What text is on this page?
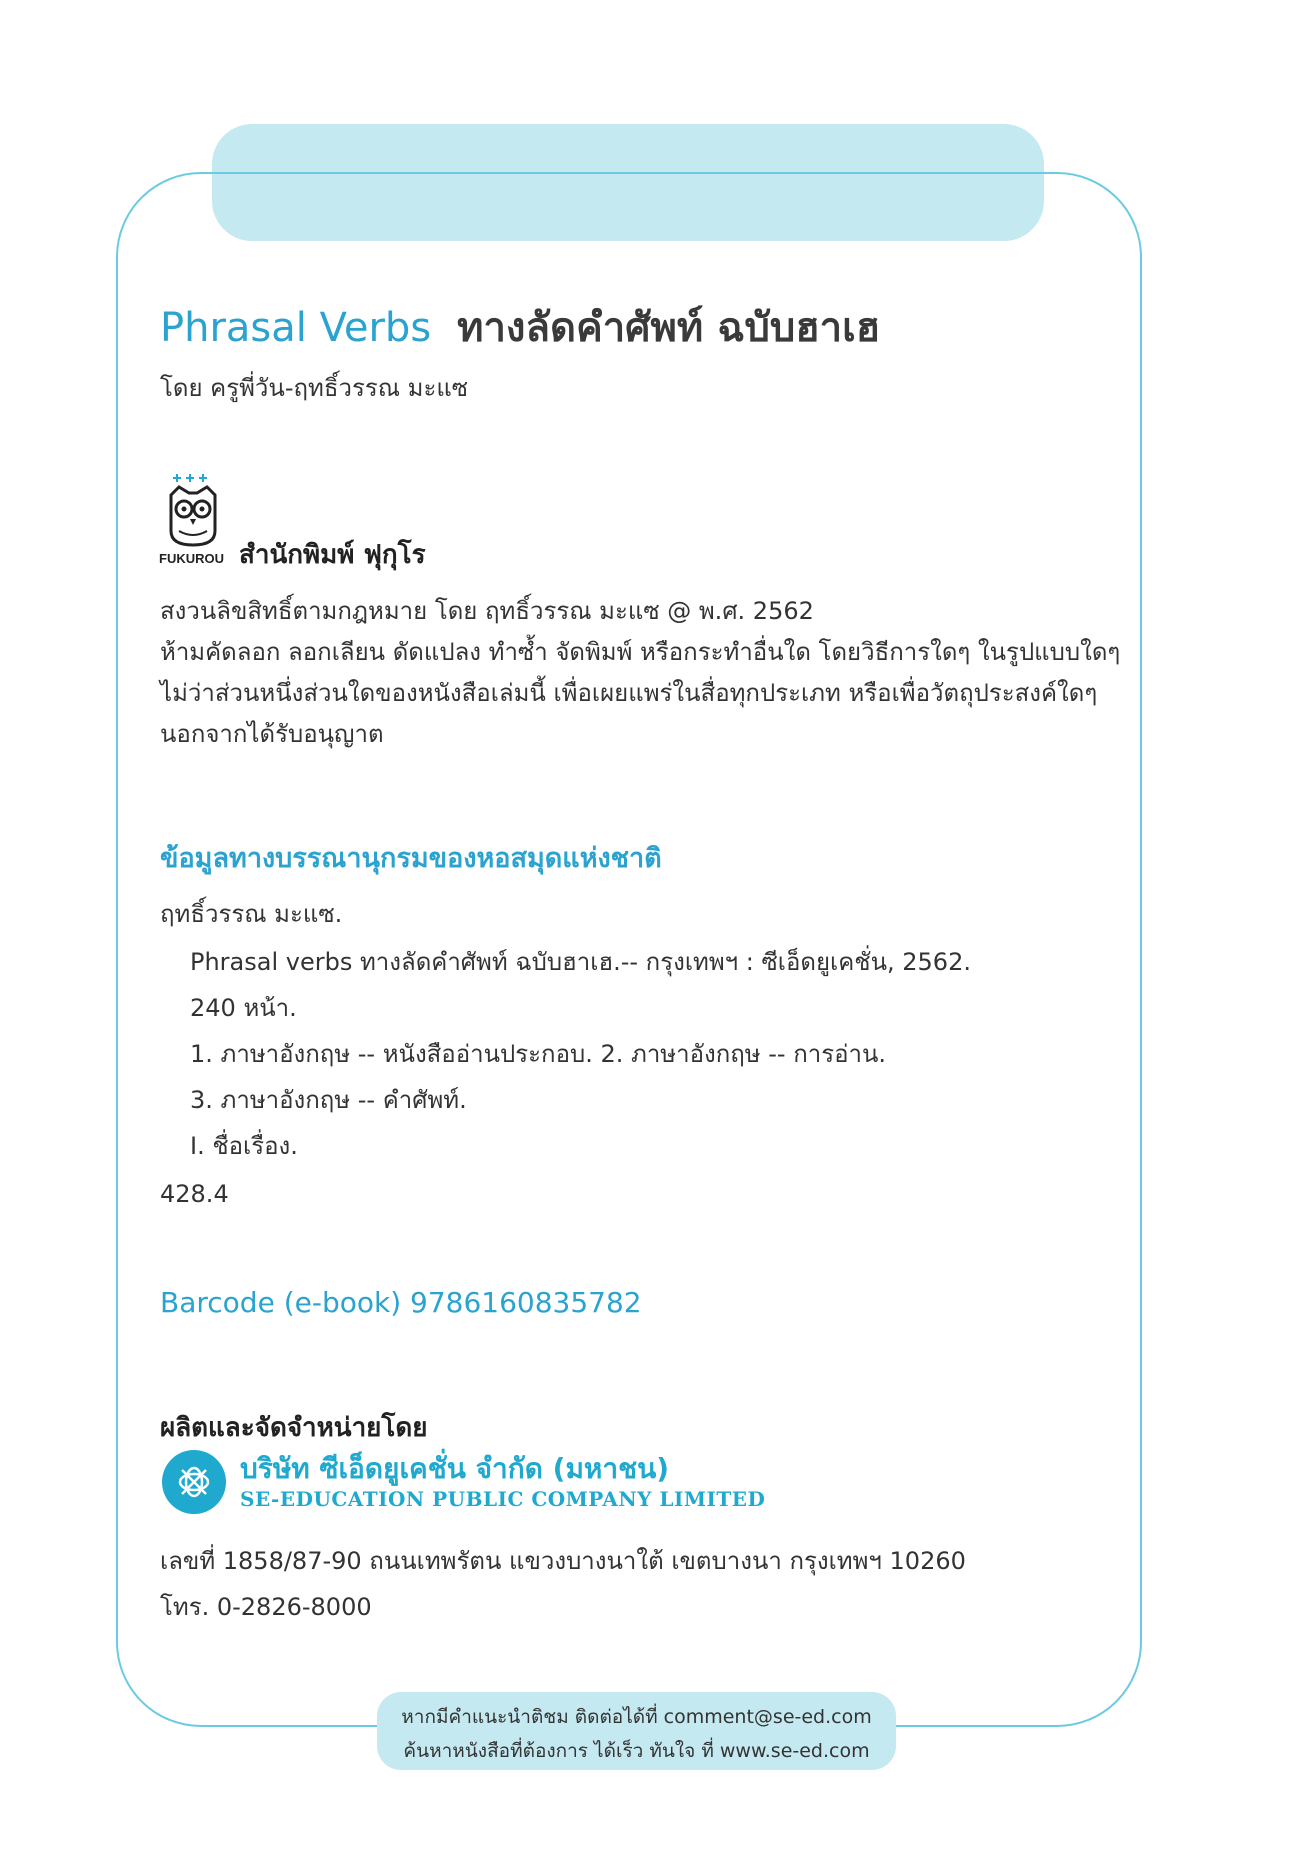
Phrasal Verbs ทางลัดคำศัพท์ ฉบับฮาเฮ
โดย ครูพี่วัน-ฤทธิ์วรรณ มะแซ
FUKUROU สำนักพิมพ์ ฟุกุโร
สงวนลิขสิทธิ์ตามกฎหมาย โดย ฤทธิ์วรรณ มะแซ @ พ.ศ. 2562
ห้ามคัดลอก ลอกเลียน ดัดแปลง ทำซ้ำ จัดพิมพ์ หรือกระทำอื่นใด โดยวิธีการใดๆ ในรูปแบบใดๆ
ไม่ว่าส่วนหนึ่งส่วนใดของหนังสือเล่มนี้ เพื่อเผยแพร่ในสื่อทุกประเภท หรือเพื่อวัตถุประสงค์ใดๆ
นอกจากได้รับอนุญาต
ข้อมูลทางบรรณานุกรมของหอสมุดแห่งชาติ
ฤทธิ์วรรณ มะแซ.
Phrasal verbs ทางลัดคำศัพท์ ฉบับฮาเฮ.-- กรุงเทพฯ : ซีเอ็ดยูเคชั่น, 2562.
240 หน้า.
1. ภาษาอังกฤษ -- หนังสืออ่านประกอบ. 2. ภาษาอังกฤษ -- การอ่าน.
3. ภาษาอังกฤษ -- คำศัพท์.
I. ชื่อเรื่อง.
428.4
Barcode (e-book) 9786160835782
ผลิตและจัดจำหน่ายโดย
บริษัท ซีเอ็ดยูเคชั่น จำกัด (มหาชน)
SE-EDUCATION PUBLIC COMPANY LIMITED
เลขที่ 1858/87-90 ถนนเทพรัตน แขวงบางนาใต้ เขตบางนา กรุงเทพฯ 10260
โทร. 0-2826-8000
หากมีคำแนะนำติชม ติดต่อได้ที่ comment@se-ed.com
ค้นหาหนังสือที่ต้องการ ได้เร็ว ทันใจ ที่ www.se-ed.com
